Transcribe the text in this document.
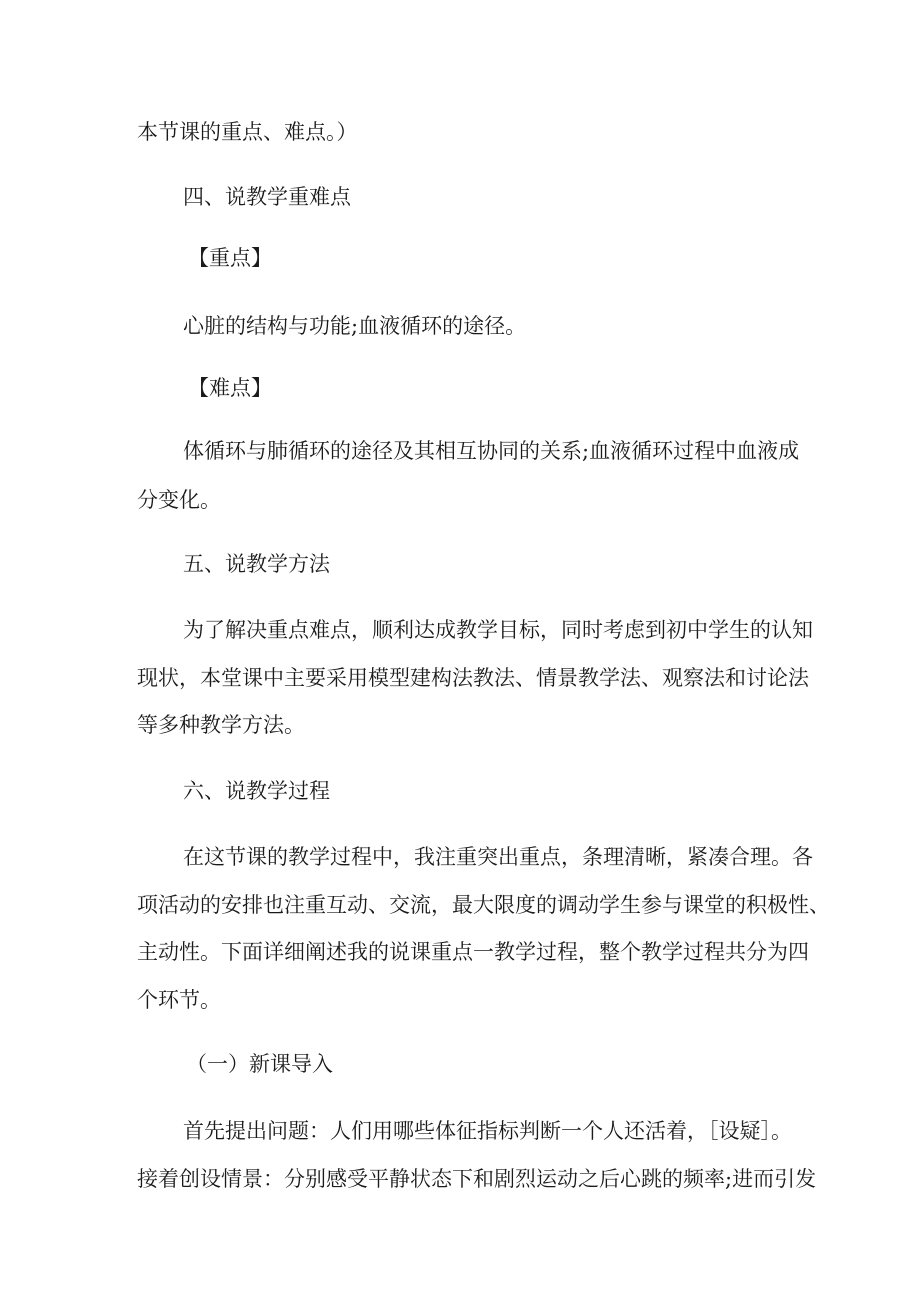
本节课的重点、难点。）

四、说教学重难点

【重点】

心脏的结构与功能;血液循环的途径。

【难点】

体循环与肺循环的途径及其相互协同的关系;血液循环过程中血液成

分变化。

五、说教学方法

为了解决重点难点，顺利达成教学目标，同时考虑到初中学生的认知

现状，本堂课中主要采用模型建构法教法、情景教学法、观察法和讨论法

等多种教学方法。

六、说教学过程

在这节课的教学过程中，我注重突出重点，条理清晰，紧凑合理。各

项活动的安排也注重互动、交流，最大限度的调动学生参与课堂的积极性、

主动性。下面详细阐述我的说课重点一教学过程，整个教学过程共分为四

个环节。

（一）新课导入

首先提出问题：人们用哪些体征指标判断一个人还活着，［设疑］。

接着创设情景：分别感受平静状态下和剧烈运动之后心跳的频率;进而引发
